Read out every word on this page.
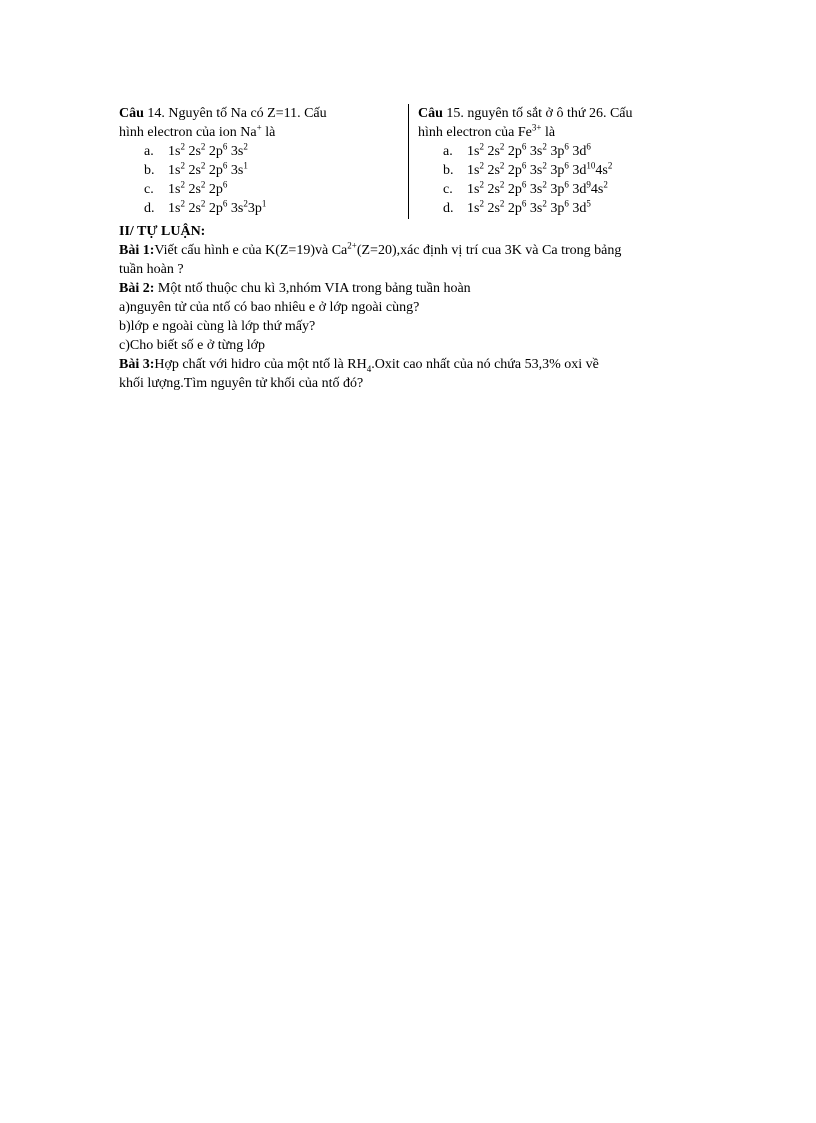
Câu 14. Nguyên tố Na có Z=11. Cấu

hình electron của ion Na+ là

a. $1s^2$ $2s^2$ $2p^6$ $3s^2$
b. $1s^2$ $2s^2$ $2p^6$ $3s^1$
c. $1s^2$ $2s^2$ $2p^6$
d. $1s^2$ $2s^2$ $2p^6$ $3s^23p^1$

Câu 15. nguyên tố sắt ở ô thứ 26. Cấu

hình electron của $Fe^{3+}$ là

a. $1s^2$ $2s^2$ $2p^6$ $3s^2$ $3p^6$ $3d^6$
b. $1s^2$ $2s^2$ $2p^6$ $3s^2$ $3p^6$ $3d^{10}4s^2$
c. $1s^2$ $2s^2$ $2p^6$ $3s^2$ $3p^6$ $3d^94s^2$
d. $1s^2$ $2s^2$ $2p^6$ $3s^2$ $3p^6$ $3d^5$

II/ TỰ LUẬN:

Bài 1:Viết cấu hình e của K(Z=19)và $Ca^{2+}(Z=20),xác$ định vị trí cua 3K và Ca trong bảng

tuần hoàn ?

Bài 2: Một ntố thuộc chu kì 3,nhóm VIA trong bảng tuần hoàn

a)nguyên tử của ntố có bao nhiêu e ở lớp ngoài cùng?

b)lớp e ngoài cùng là lớp thứ mấy?

c)Cho biết số e ở từng lớp

Bài 3:Hợp chất với hidro của một ntố là $RH_4.Oxit$ cao nhất của nó chứa 53,3% oxi về

khối lượng.Tìm nguyên tử khối của ntố đó?
